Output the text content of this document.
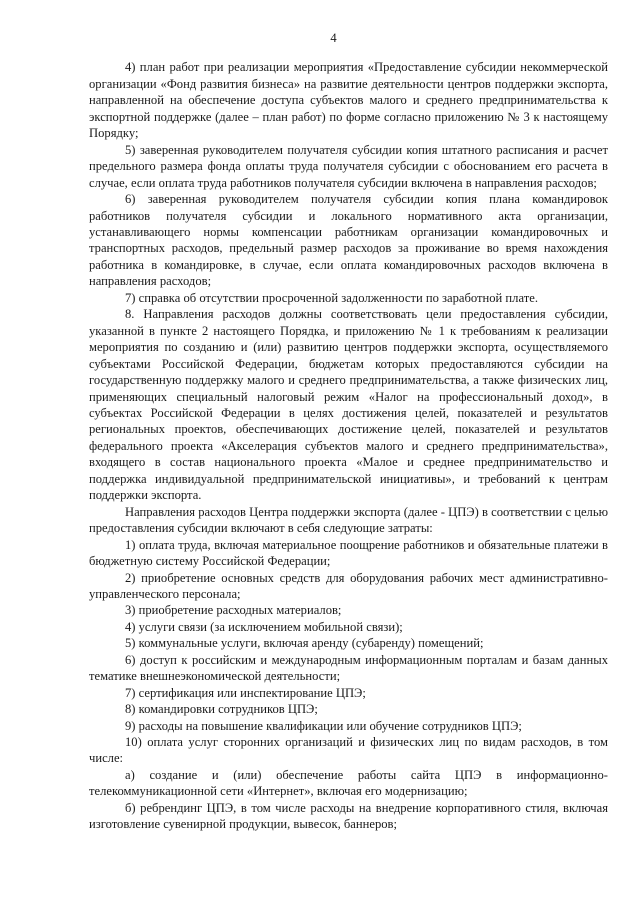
4

4) план работ при реализации мероприятия «Предоставление субсидии некоммерческой организации «Фонд развития бизнеса» на развитие деятельности центров поддержки экспорта, направленной на обеспечение доступа субъектов малого и среднего предпринимательства к экспортной поддержке (далее – план работ) по форме согласно приложению № 3 к настоящему Порядку;

5) заверенная руководителем получателя субсидии копия штатного расписания и расчет предельного размера фонда оплаты труда получателя субсидии с обоснованием его расчета в случае, если оплата труда работников получателя субсидии включена в направления расходов;

6) заверенная руководителем получателя субсидии копия плана командировок работников получателя субсидии и локального нормативного акта организации, устанавливающего нормы компенсации работникам организации командировочных и транспортных расходов, предельный размер расходов за проживание во время нахождения работника в командировке, в случае, если оплата командировочных расходов включена в направления расходов;

7) справка об отсутствии просроченной задолженности по заработной плате.

8. Направления расходов должны соответствовать цели предоставления субсидии, указанной в пункте 2 настоящего Порядка, и приложению № 1 к требованиям к реализации мероприятия по созданию и (или) развитию центров поддержки экспорта, осуществляемого субъектами Российской Федерации, бюджетам которых предоставляются субсидии на государственную поддержку малого и среднего предпринимательства, а также физических лиц, применяющих специальный налоговый режим «Налог на профессиональный доход», в субъектах Российской Федерации в целях достижения целей, показателей и результатов региональных проектов, обеспечивающих достижение целей, показателей и результатов федерального проекта «Акселерация субъектов малого и среднего предпринимательства», входящего в состав национального проекта «Малое и среднее предпринимательство и поддержка индивидуальной предпринимательской инициативы», и требований к центрам поддержки экспорта.

Направления расходов Центра поддержки экспорта (далее - ЦПЭ) в соответствии с целью предоставления субсидии включают в себя следующие затраты:

1) оплата труда, включая материальное поощрение работников и обязательные платежи в бюджетную систему Российской Федерации;

2) приобретение основных средств для оборудования рабочих мест административно-управленческого персонала;

3) приобретение расходных материалов;

4) услуги связи (за исключением мобильной связи);

5) коммунальные услуги, включая аренду (субаренду) помещений;

6) доступ к российским и международным информационным порталам и базам данных тематике внешнеэкономической деятельности;

7) сертификация или инспектирование ЦПЭ;

8) командировки сотрудников ЦПЭ;

9) расходы на повышение квалификации или обучение сотрудников ЦПЭ;

10) оплата услуг сторонних организаций и физических лиц по видам расходов, в том числе:

а) создание и (или) обеспечение работы сайта ЦПЭ в информационно-телекоммуникационной сети «Интернет», включая его модернизацию;

б) ребрендинг ЦПЭ, в том числе расходы на внедрение корпоративного стиля, включая изготовление сувенирной продукции, вывесок, баннеров;
